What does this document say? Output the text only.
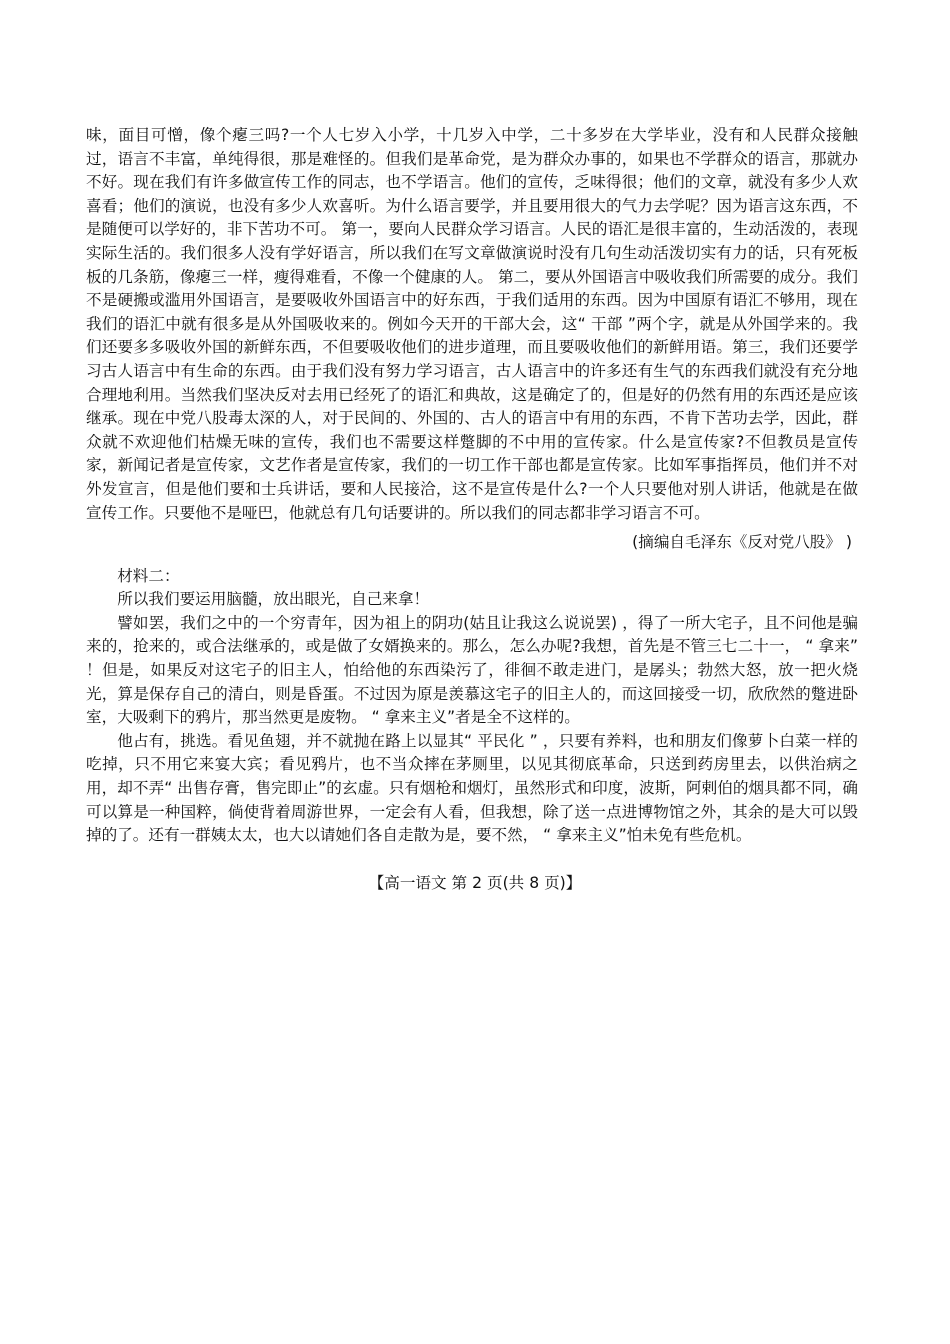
味，面目可憎，像个瘪三吗?一个人七岁入小学，十几岁入中学，二十多岁在大学毕业，没有和人民群众接触过，语言不丰富，单纯得很，那是难怪的。但我们是革命党，是为群众办事的，如果也不学群众的语言，那就办不好。现在我们有许多做宣传工作的同志，也不学语言。他们的宣传，乏味得很；他们的文章，就没有多少人欢喜看；他们的演说，也没有多少人欢喜听。为什么语言要学，并且要用很大的气力去学呢？因为语言这东西，不是随便可以学好的，非下苦功不可。 第一，要向人民群众学习语言。人民的语汇是很丰富的，生动活泼的，表现实际生活的。我们很多人没有学好语言，所以我们在写文章做演说时没有几句生动活泼切实有力的话，只有死板板的几条筋，像瘪三一样，瘦得难看，不像一个健康的人。 第二，要从外国语言中吸收我们所需要的成分。我们不是硬搬或滥用外国语言，是要吸收外国语言中的好东西，于我们适用的东西。因为中国原有语汇不够用，现在我们的语汇中就有很多是从外国吸收来的。例如今天开的干部大会，这“ 干部 ”两个字，就是从外国学来的。我们还要多多吸收外国的新鲜东西，不但要吸收他们的进步道理，而且要吸收他们的新鲜用语。第三，我们还要学习古人语言中有生命的东西。由于我们没有努力学习语言，古人语言中的许多还有生气的东西我们就没有充分地合理地利用。当然我们坚决反对去用已经死了的语汇和典故，这是确定了的，但是好的仍然有用的东西还是应该继承。现在中党八股毒太深的人，对于民间的、外国的、古人的语言中有用的东西，不肯下苦功去学，因此，群众就不欢迎他们枯燥无味的宣传，我们也不需要这样蹩脚的不中用的宣传家。什么是宣传家?不但教员是宣传家，新闻记者是宣传家，文艺作者是宣传家，我们的一切工作干部也都是宣传家。比如军事指挥员，他们并不对外发宣言，但是他们要和士兵讲话，要和人民接洽，这不是宣传是什么?一个人只要他对别人讲话，他就是在做宣传工作。只要他不是哑巴，他就总有几句话要讲的。所以我们的同志都非学习语言不可。

(摘编自毛泽东《反对党八股》 )

材料二：

所以我们要运用脑髓，放出眼光，自己来拿！

譬如罢，我们之中的一个穷青年，因为祖上的阴功(姑且让我这么说说罢) ，得了一所大宅子，且不问他是骗来的，抢来的，或合法继承的，或是做了女婿换来的。那么，怎么办呢?我想，首先是不管三七二十一， “ 拿来” ！但是，如果反对这宅子的旧主人，怕给他的东西染污了，徘徊不敢走进门，是孱头；勃然大怒，放一把火烧光，算是保存自己的清白，则是昏蛋。不过因为原是羡慕这宅子的旧主人的，而这回接受一切，欣欣然的蹩进卧室，大吸剩下的鸦片，那当然更是废物。 “ 拿来主义”者是全不这样的。

他占有，挑选。看见鱼翅，并不就抛在路上以显其“ 平民化 ” ，只要有养料，也和朋友们像萝卜白菜一样的吃掉，只不用它来宴大宾；看见鸦片，也不当众摔在茅厕里，以见其彻底革命，只送到药房里去，以供治病之用，却不弄“ 出售存膏，售完即止”的玄虚。只有烟枪和烟灯，虽然形式和印度，波斯，阿剌伯的烟具都不同，确可以算是一种国粹，倘使背着周游世界，一定会有人看，但我想，除了送一点进博物馆之外，其余的是大可以毁掉的了。还有一群姨太太，也大以请她们各自走散为是，要不然， “ 拿来主义”怕未免有些危机。

【高一语文 第 2 页(共 8 页)】
